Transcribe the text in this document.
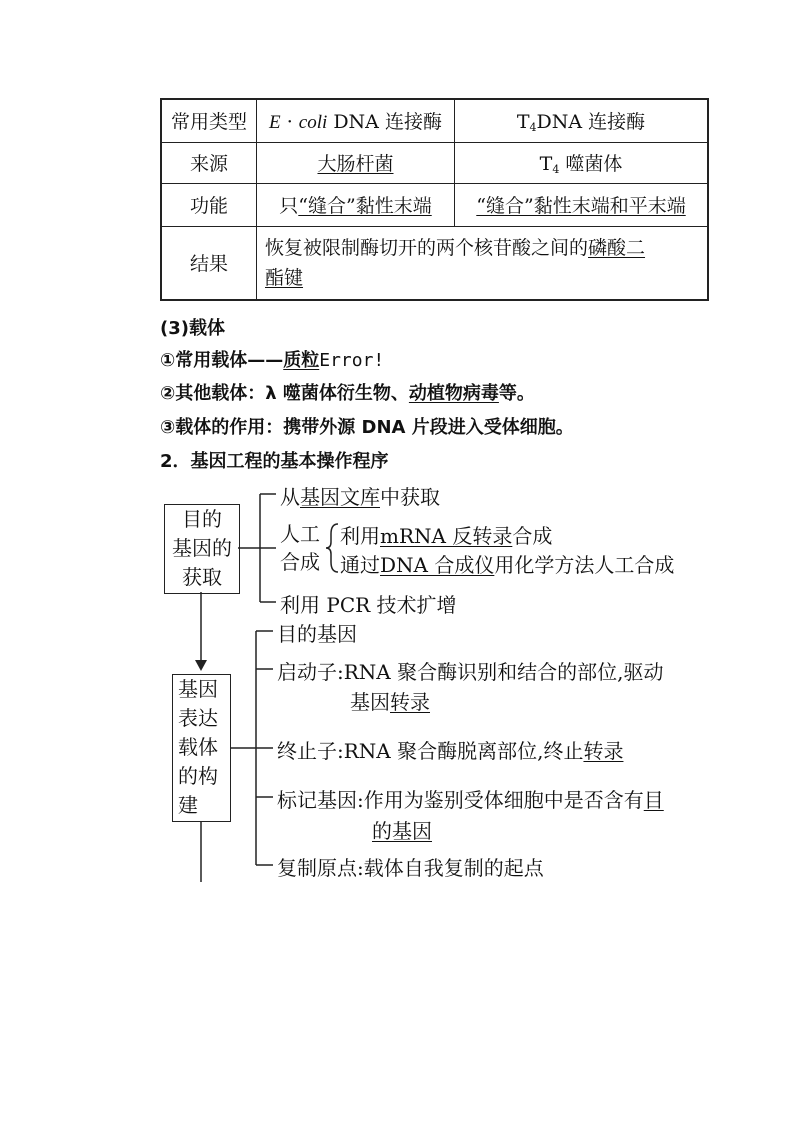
常用类型	E · coli DNA 连接酶	$T_4DNA$ 连接酶
来源	大肠杆菌	$T_4$ 噬菌体
功能	只“缝合”黏性末端	“缝合”黏性末端和平末端
结果	恢复被限制酶切开的两个核苷酸之间的磷酸二
酯键	
(3)载体
①常用载体——质粒Error!
②其他载体：λ 噬菌体衍生物、动植物病毒等。
③载体的作用：携带外源 DNA 片段进入受体细胞。
2．基因工程的基本操作程序
目的
基因的
获取
从基因文库中获取
人工
合成
利用mRNA 反转录合成
通过DNA 合成仪用化学方法人工合成
利用 PCR 技术扩增
基因
表达
载体
的构
建
目的基因
启动子:RNA 聚合酶识别和结合的部位,驱动
基因转录
终止子:RNA 聚合酶脱离部位,终止转录
标记基因:作用为鉴别受体细胞中是否含有目
的基因
复制原点:载体自我复制的起点
